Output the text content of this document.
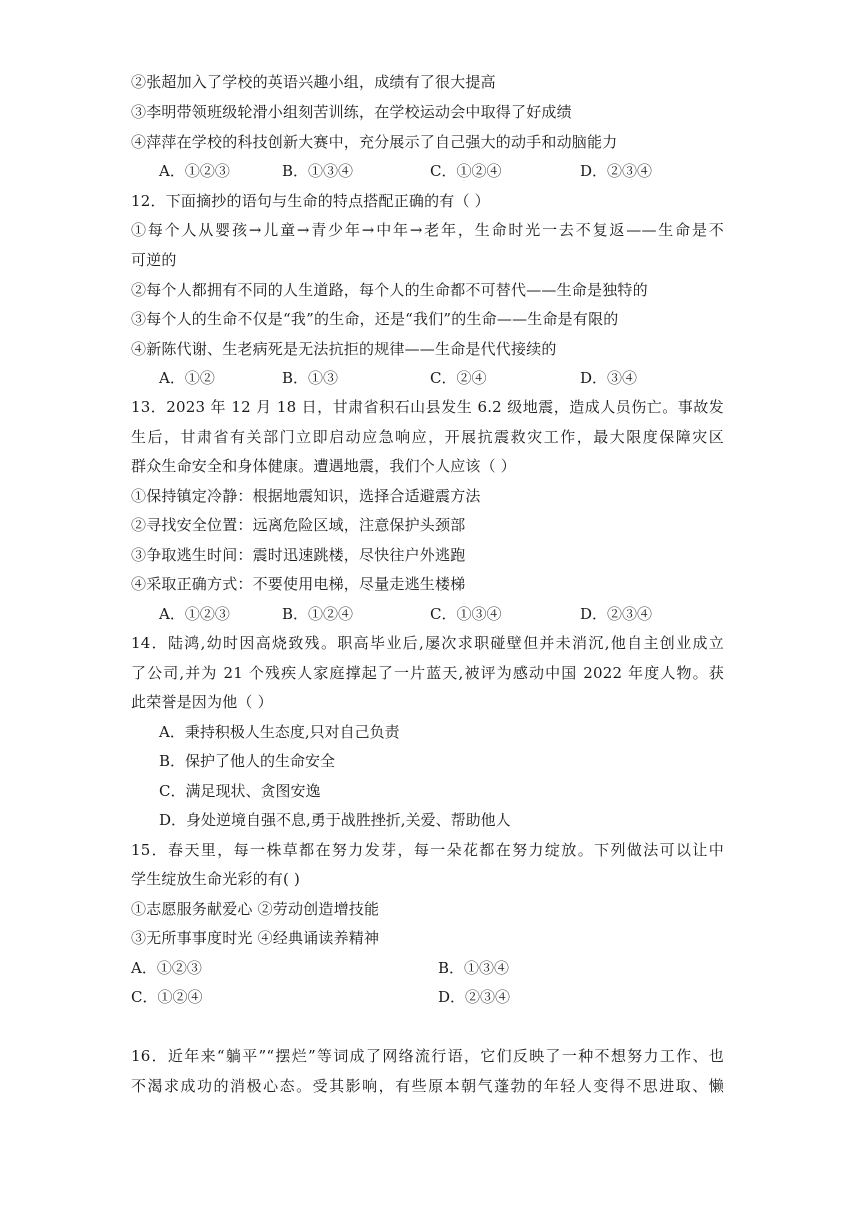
②张超加入了学校的英语兴趣小组，成绩有了很大提高
③李明带领班级轮滑小组刻苦训练，在学校运动会中取得了好成绩
④萍萍在学校的科技创新大赛中，充分展示了自己强大的动手和动脑能力
A．①②③	B．①③④	C．①②④	D．②③④
12．下面摘抄的语句与生命的特点搭配正确的有（ ）
①每个人从婴孩→儿童→青少年→中年→老年，生命时光一去不复返——生命是不
可逆的
②每个人都拥有不同的人生道路，每个人的生命都不可替代——生命是独特的
③每个人的生命不仅是“我”的生命，还是“我们”的生命——生命是有限的
④新陈代谢、生老病死是无法抗拒的规律——生命是代代接续的
A．①②	B．①③	C．②④	D．③④
13．2023 年 12 月 18 日，甘肃省积石山县发生 6.2 级地震，造成人员伤亡。事故发
生后，甘肃省有关部门立即启动应急响应，开展抗震救灾工作，最大限度保障灾区
群众生命安全和身体健康。遭遇地震，我们个人应该（ ）
①保持镇定冷静：根据地震知识，选择合适避震方法
②寻找安全位置：远离危险区域，注意保护头颈部
③争取逃生时间：震时迅速跳楼，尽快往户外逃跑
④采取正确方式：不要使用电梯，尽量走逃生楼梯
A．①②③	B．①②④	C．①③④	D．②③④
14．陆鸿,幼时因高烧致残。职高毕业后,屡次求职碰壁但并未消沉,他自主创业成立
了公司,并为 21 个残疾人家庭撑起了一片蓝天,被评为感动中国 2022 年度人物。获
此荣誉是因为他（ ）
A．秉持积极人生态度,只对自己负责
B．保护了他人的生命安全
C．满足现状、贪图安逸
D．身处逆境自强不息,勇于战胜挫折,关爱、帮助他人
15．春天里，每一株草都在努力发芽，每一朵花都在努力绽放。下列做法可以让中
学生绽放生命光彩的有( )
①志愿服务献爱心 ②劳动创造增技能
③无所事事度时光 ④经典诵读养精神
A．①②③	B．①③④
C．①②④	D．②③④
16．近年来“躺平”“摆烂”等词成了网络流行语，它们反映了一种不想努力工作、也
不渴求成功的消极心态。受其影响，有些原本朝气蓬勃的年轻人变得不思进取、懒
